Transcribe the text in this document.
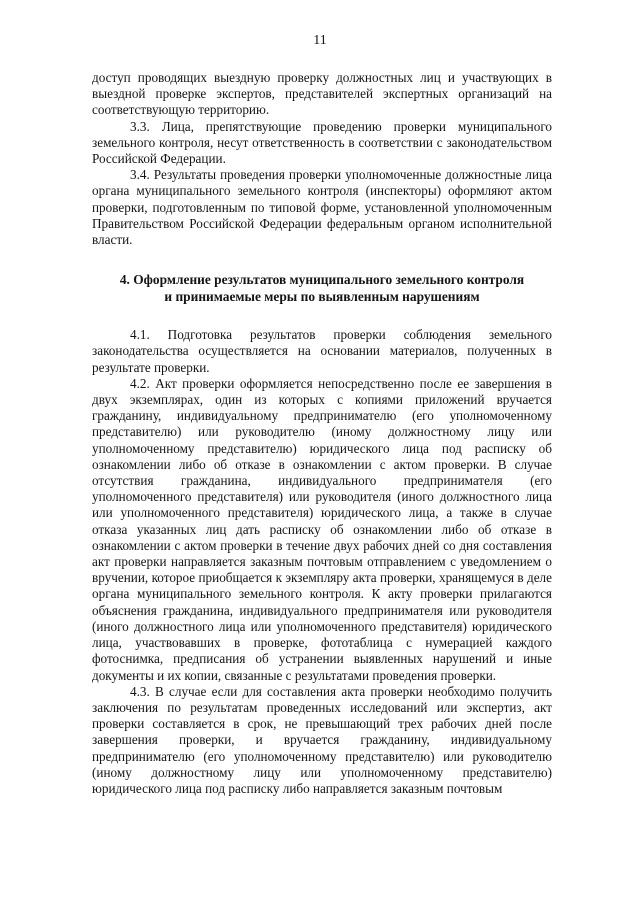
11

доступ проводящих выездную проверку должностных лиц и участвующих в выездной проверке экспертов, представителей экспертных организаций на соответствующую территорию.

3.3. Лица, препятствующие проведению проверки муниципального земельного контроля, несут ответственность в соответствии с законодательством Российской Федерации.

3.4. Результаты проведения проверки уполномоченные должностные лица органа муниципального земельного контроля (инспекторы) оформляют актом проверки, подготовленным по типовой форме, установленной уполномоченным Правительством Российской Федерации федеральным органом исполнительной власти.

4. Оформление результатов муниципального земельного контроля
и принимаемые меры по выявленным нарушениям

4.1. Подготовка результатов проверки соблюдения земельного законодательства осуществляется на основании материалов, полученных в результате проверки.

4.2. Акт проверки оформляется непосредственно после ее завершения в двух экземплярах, один из которых с копиями приложений вручается гражданину, индивидуальному предпринимателю (его уполномоченному представителю) или руководителю (иному должностному лицу или уполномоченному представителю) юридического лица под расписку об ознакомлении либо об отказе в ознакомлении с актом проверки. В случае отсутствия гражданина, индивидуального предпринимателя (его уполномоченного представителя) или руководителя (иного должностного лица или уполномоченного представителя) юридического лица, а также в случае отказа указанных лиц дать расписку об ознакомлении либо об отказе в ознакомлении с актом проверки в течение двух рабочих дней со дня составления акт проверки направляется заказным почтовым отправлением с уведомлением о вручении, которое приобщается к экземпляру акта проверки, хранящемуся в деле органа муниципального земельного контроля. К акту проверки прилагаются объяснения гражданина, индивидуального предпринимателя или руководителя (иного должностного лица или уполномоченного представителя) юридического лица, участвовавших в проверке, фототаблица с нумерацией каждого фотоснимка, предписания об устранении выявленных нарушений и иные документы и их копии, связанные с результатами проведения проверки.

4.3. В случае если для составления акта проверки необходимо получить заключения по результатам проведенных исследований или экспертиз, акт проверки составляется в срок, не превышающий трех рабочих дней после завершения проверки, и вручается гражданину, индивидуальному предпринимателю (его уполномоченному представителю) или руководителю (иному должностному лицу или уполномоченному представителю) юридического лица под расписку либо направляется заказным почтовым
